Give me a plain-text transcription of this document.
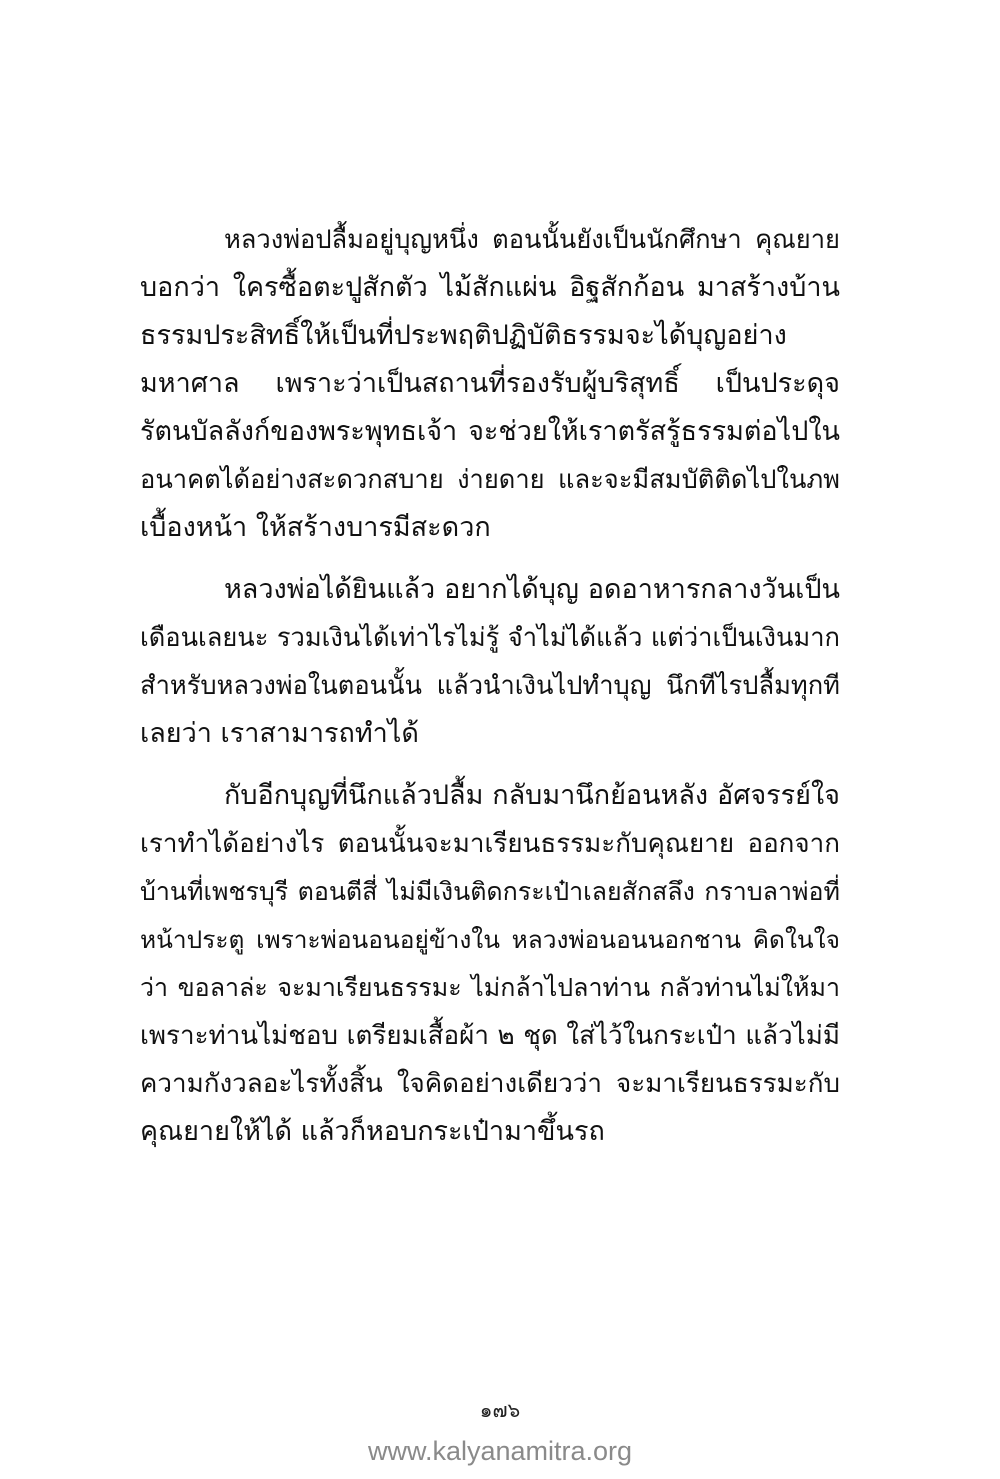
หลวงพ่อปลื้มอยู่บุญหนึ่ง ตอนนั้นยังเป็นนักศึกษา คุณยาย
บอกว่า ใครซื้อตะปูสักตัว ไม้สักแผ่น อิฐสักก้อน มาสร้างบ้าน
ธรรมประสิทธิ์ให้เป็นที่ประพฤติปฏิบัติธรรมจะได้บุญอย่าง
มหาศาล เพราะว่าเป็นสถานที่รองรับผู้บริสุทธิ์ เป็นประดุจ
รัตนบัลลังก์ของพระพุทธเจ้า จะช่วยให้เราตรัสรู้ธรรมต่อไปใน
อนาคตได้อย่างสะดวกสบาย ง่ายดาย และจะมีสมบัติติดไปในภพ
เบื้องหน้า ให้สร้างบารมีสะดวก
หลวงพ่อได้ยินแล้ว อยากได้บุญ อดอาหารกลางวันเป็น
เดือนเลยนะ รวมเงินได้เท่าไรไม่รู้ จำไม่ได้แล้ว แต่ว่าเป็นเงินมาก
สำหรับหลวงพ่อในตอนนั้น แล้วนำเงินไปทำบุญ นึกทีไรปลื้มทุกที
เลยว่า เราสามารถทำได้
กับอีกบุญที่นึกแล้วปลื้ม กลับมานึกย้อนหลัง อัศจรรย์ใจ
เราทำได้อย่างไร ตอนนั้นจะมาเรียนธรรมะกับคุณยาย ออกจาก
บ้านที่เพชรบุรี ตอนตีสี่ ไม่มีเงินติดกระเป๋าเลยสักสลึง กราบลาพ่อที่
หน้าประตู เพราะพ่อนอนอยู่ข้างใน หลวงพ่อนอนนอกชาน คิดในใจ
ว่า ขอลาล่ะ จะมาเรียนธรรมะ ไม่กล้าไปลาท่าน กลัวท่านไม่ให้มา
เพราะท่านไม่ชอบ เตรียมเสื้อผ้า ๒ ชุด ใส่ไว้ในกระเป๋า แล้วไม่มี
ความกังวลอะไรทั้งสิ้น ใจคิดอย่างเดียวว่า จะมาเรียนธรรมะกับ
คุณยายให้ได้ แล้วก็หอบกระเป๋ามาขึ้นรถ
๑๗๖
www.kalyanamitra.org
